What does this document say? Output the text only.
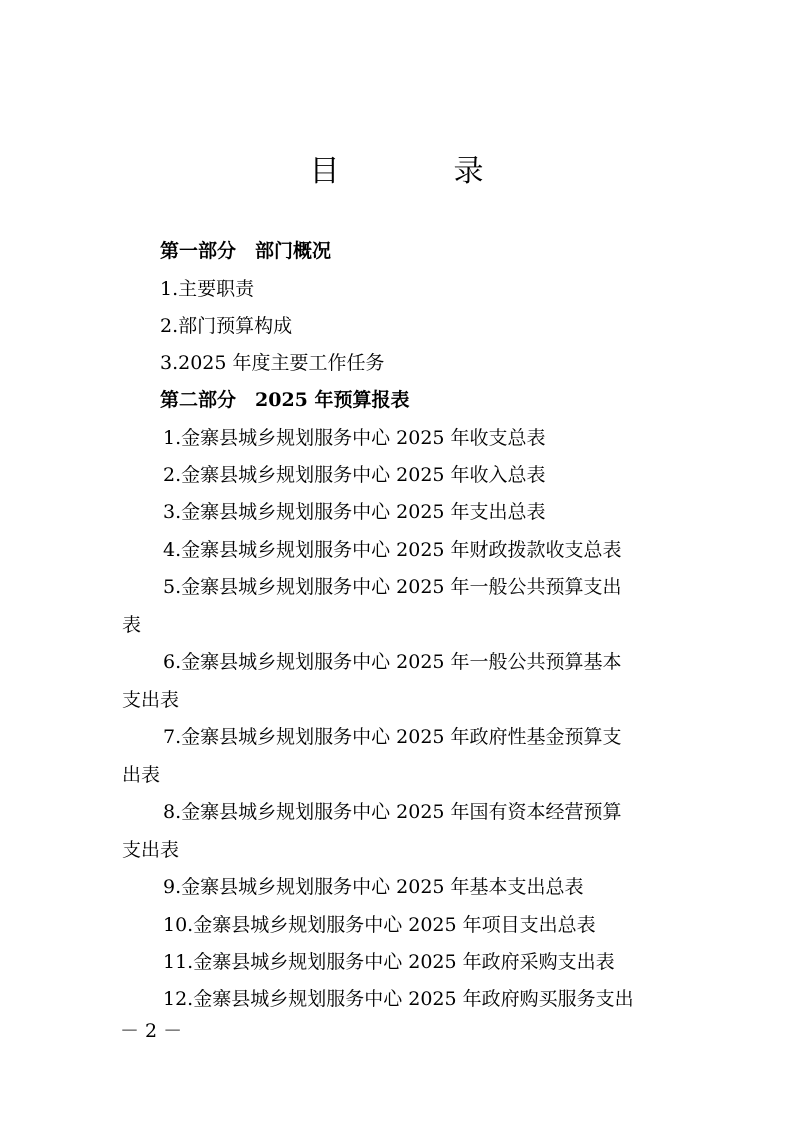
目　录
第一部分　部门概况
1.主要职责
2.部门预算构成
3.2025 年度主要工作任务
第二部分　2025 年预算报表
1.金寨县城乡规划服务中心 2025 年收支总表
2.金寨县城乡规划服务中心 2025 年收入总表
3.金寨县城乡规划服务中心 2025 年支出总表
4.金寨县城乡规划服务中心 2025 年财政拨款收支总表
5.金寨县城乡规划服务中心 2025 年一般公共预算支出
表
6.金寨县城乡规划服务中心 2025 年一般公共预算基本
支出表
7.金寨县城乡规划服务中心 2025 年政府性基金预算支
出表
8.金寨县城乡规划服务中心 2025 年国有资本经营预算
支出表
9.金寨县城乡规划服务中心 2025 年基本支出总表
10.金寨县城乡规划服务中心 2025 年项目支出总表
11.金寨县城乡规划服务中心 2025 年政府采购支出表
12.金寨县城乡规划服务中心 2025 年政府购买服务支出
－ 2 －
